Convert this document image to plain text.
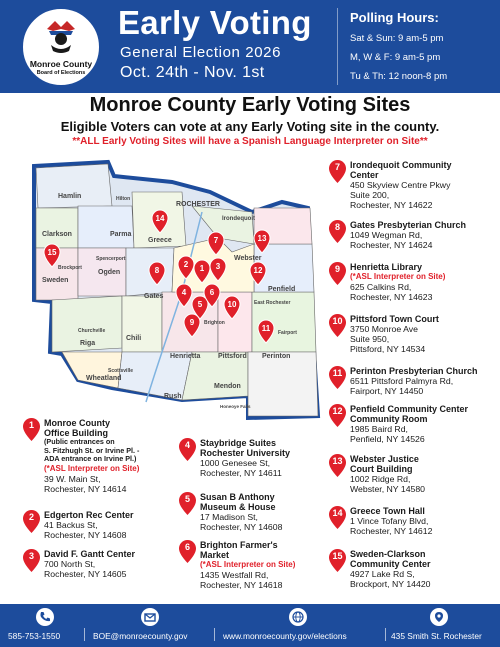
Monroe County
Board of Elections
Early Voting
General Election 2026
Oct. 24th - Nov. 1st
Polling Hours:
Sat & Sun: 9 am-5 pm
M, W & F: 9 am-5 pm
Tu & Th: 12 noon-8 pm
Monroe County Early Voting Sites
Eligible Voters can vote at any Early Voting site in the county.
**ALL Early Voting Sites will have a Spanish Language Interpreter on Site**
Hamlin	Hilton
Parma
Clarkson
Greece
Brockport
Sweden
Spencerport
Ogden
Gates
Chili
Churchville
Riga
Scottsville
Wheatland
Henrietta
Brighton
Pittsford
Rush
Mendon
Honeoye Falls
Perinton
Fairport
Penfield
Webster
East Rochester
Irondequoit
ROCHESTER
1
2	3
4
5
6
7
8
9
10
11
12
13
14
15
1	Monroe County
Office Building
(Public entrances on
S. Fitzhugh St. or Irvine Pl. -
ADA entrance on Irvine Pl.)
(*ASL Interpreter on Site)
39 W. Main St,
Rochester, NY 14614
2	Edgerton Rec Center
41 Backus St,
Rochester, NY 14608
3	David F. Gantt Center
700 North St,
Rochester, NY 14605
4	Staybridge Suites
Rochester University
1000 Genesee St,
Rochester, NY 14611
5	Susan B Anthony
Museum & House
17 Madison St,
Rochester, NY 14608
6	Brighton Farmer's
Market
(*ASL Interpreter on Site)
1435 Westfall Rd,
Rochester, NY 14618
7	Irondequoit Community
Center
450 Skyview Centre Pkwy
Suite 200,
Rochester, NY 14622
8	Gates Presbyterian Church
1049 Wegman Rd,
Rochester, NY 14624
9	Henrietta Library
(*ASL Interpreter on Site)
625 Calkins Rd,
Rochester, NY 14623
10 Pittsford Town Court
3750 Monroe Ave
Suite 950,
Pittsford, NY 14534
11 Perinton Presbyterian Church
6511 Pittsford Palmyra Rd,
Fairport, NY 14450
12 Penfield Community Center
Community Room
1985 Baird Rd,
Penfield, NY 14526
13 Webster Justice
Court Building
1002 Ridge Rd,
Webster, NY 14580
14 Greece Town Hall
1 Vince Tofany Blvd,
Rochester, NY 14612
15 Sweden-Clarkson
Community Center
4927 Lake Rd S,
Brockport, NY 14420
585-753-1550	BOE@monroecounty.gov	www.monroecounty.gov/elections	435 Smith St. Rochester
